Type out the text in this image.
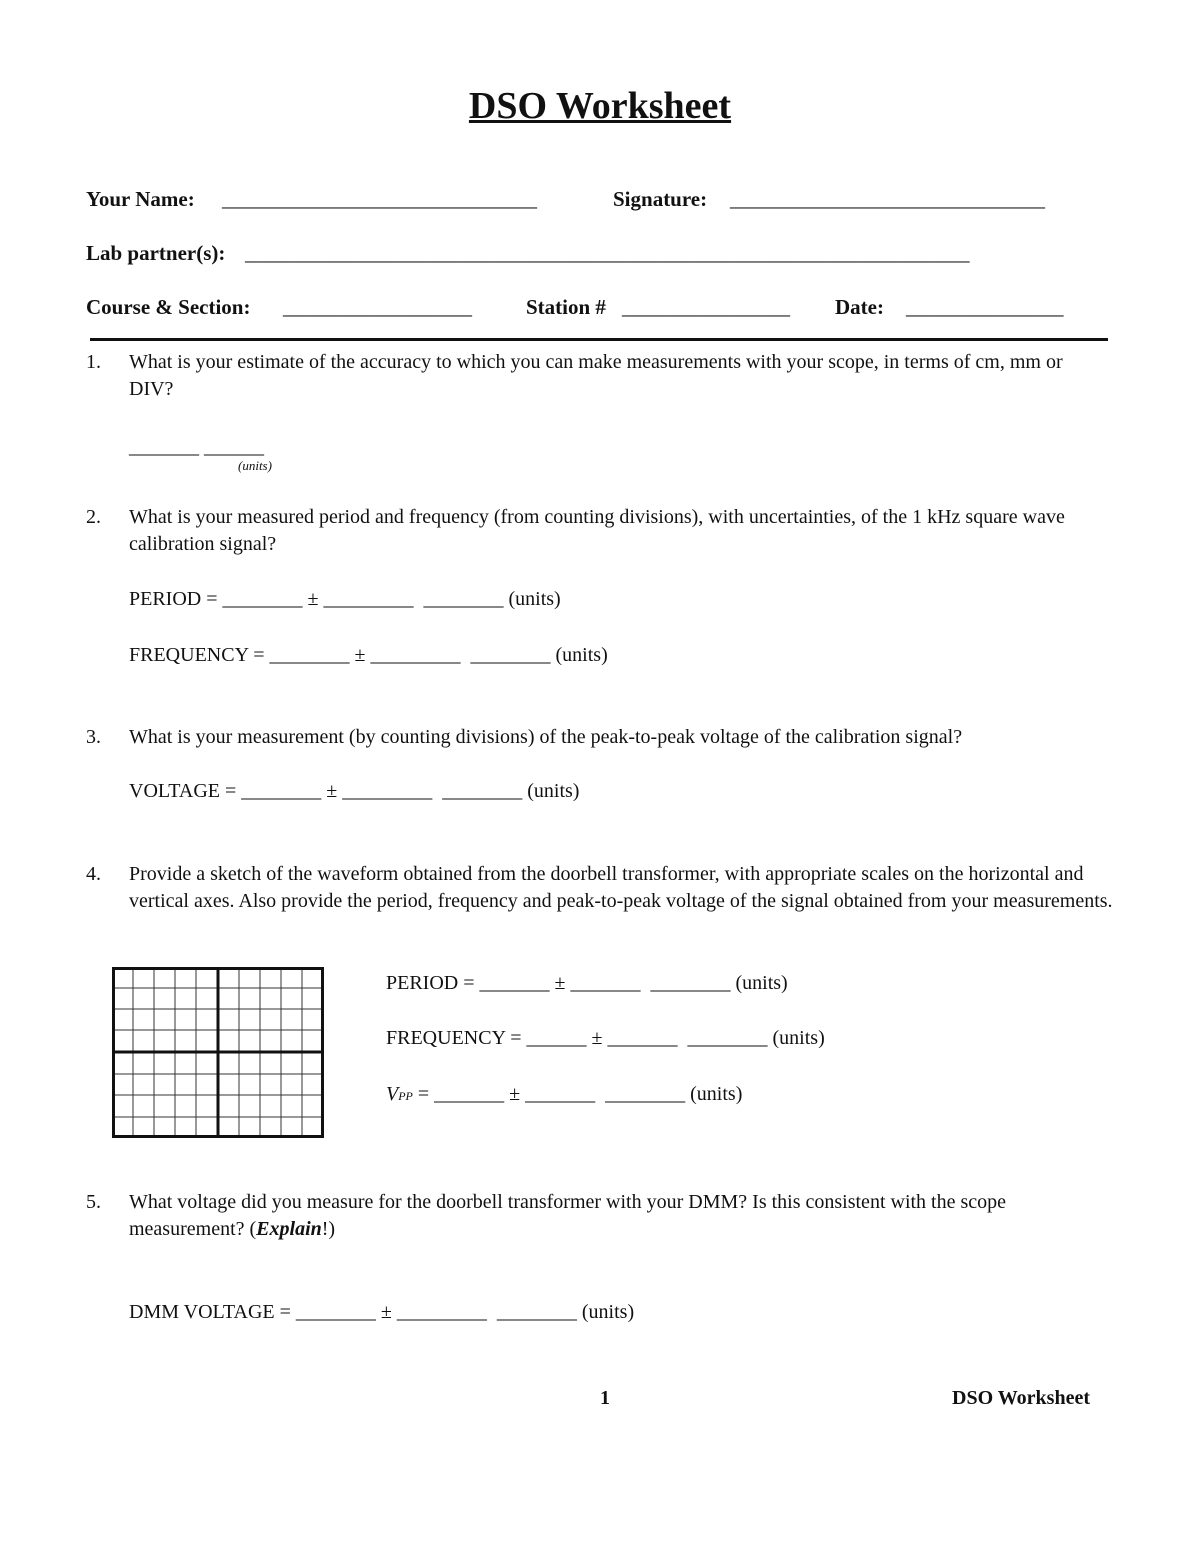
DSO Worksheet
Your Name: ______________________________	Signature: ______________________________
Lab partner(s): _____________________________________________________________________
Course & Section: __________________	Station # ________________ Date: _______________
1. What is your estimate of the accuracy to which you can make measurements with your scope, in terms of cm, mm or DIV?
_______ ______
(units)
2. What is your measured period and frequency (from counting divisions), with uncertainties, of the 1 kHz square wave calibration signal?
PERIOD = ________ ± _________  ________ (units)
FREQUENCY = ________ ± _________  ________ (units)
3. What is your measurement (by counting divisions) of the peak-to-peak voltage of the calibration signal?
VOLTAGE = ________ ± _________  ________ (units)
4. Provide a sketch of the waveform obtained from the doorbell transformer, with appropriate scales on the horizontal and vertical axes. Also provide the period, frequency and peak-to-peak voltage of the signal obtained from your measurements.
PERIOD = _______ ± _______  ________ (units)
FREQUENCY = ______ ± _______  ________ (units)
VPP = _______ ± _______  ________ (units)
5. What voltage did you measure for the doorbell transformer with your DMM? Is this consistent with the scope measurement? (Explain!)
DMM VOLTAGE = ________ ± _________  ________ (units)
1	DSO Worksheet
